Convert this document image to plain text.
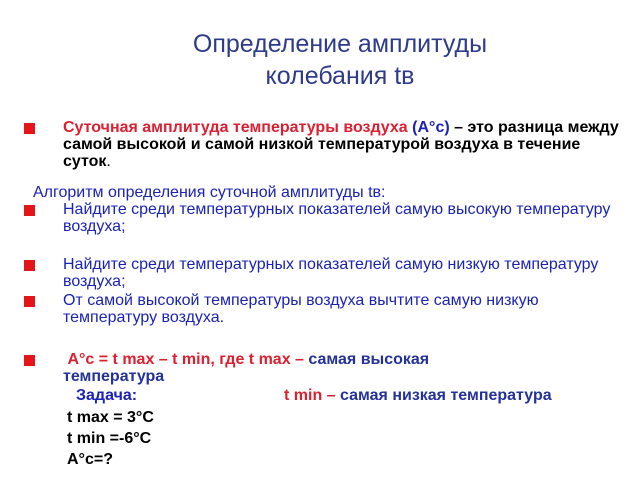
Определение амплитуды
колебания tв
Суточная амплитуда температуры воздуха (А°с) – это разница между самой высокой и самой низкой температурой воздуха в течение суток.
Алгоритм определения суточной амплитуды tв:
Найдите среди температурных показателей самую высокую температуру воздуха;
Найдите среди температурных показателей самую низкую температуру воздуха;
От самой высокой температуры воздуха вычтите самую низкую температуру воздуха.
А°с = t max – t min, где t max – самая высокая температура
Задача:	t min – самая низкая температура
t max = 3°C
t min =-6°C
А°с=?
